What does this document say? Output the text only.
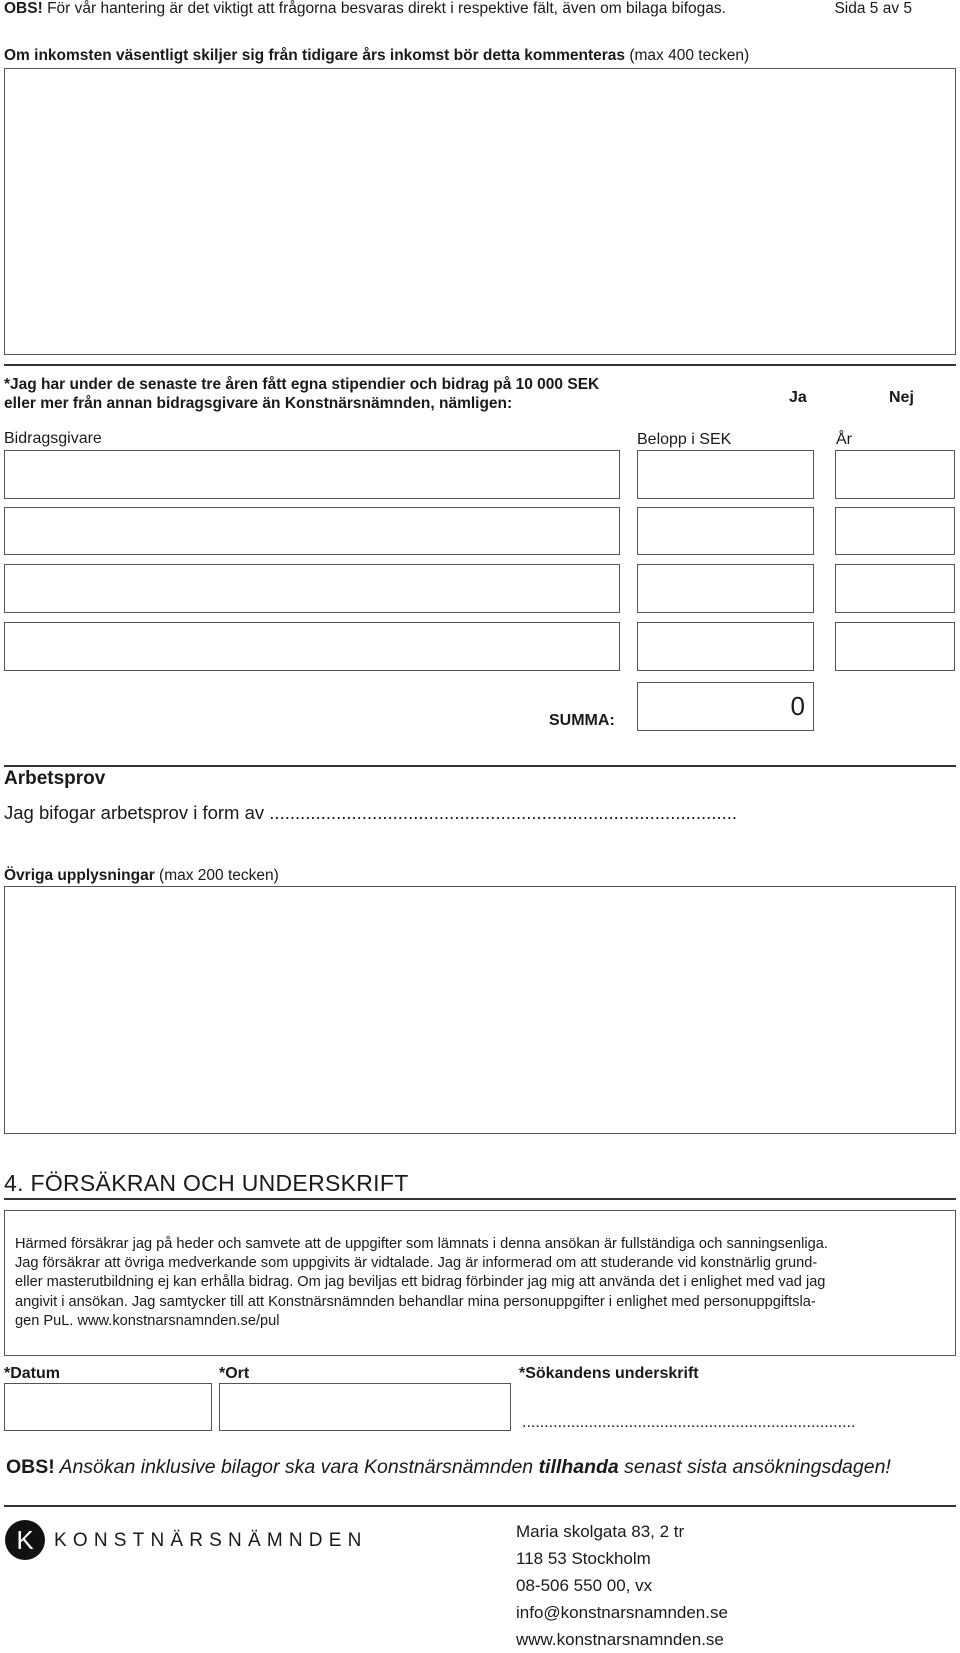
OBS! För vår hantering är det viktigt att frågorna besvaras direkt i respektive fält, även om bilaga bifogas.	Sida 5 av 5
Om inkomsten väsentligt skiljer sig från tidigare års inkomst bör detta kommenteras (max 400 tecken)
*Jag har under de senaste tre åren fått egna stipendier och bidrag på 10 000 SEK
eller mer från annan bidragsgivare än Konstnärsnämnden, nämligen:	Ja	Nej
Bidragsgivare	Belopp i SEK	År
SUMMA:	0
Arbetsprov
Jag bifogar arbetsprov i form av ...........................................................................................
Övriga upplysningar (max 200 tecken)
4. FÖRSÄKRAN OCH UNDERSKRIFT

Härmed försäkrar jag på heder och samvete att de uppgifter som lämnats i denna ansökan är fullständiga och sanningsenliga.

Jag försäkrar att övriga medverkande som uppgivits är vidtalade. Jag är informerad om att studerande vid konstnärlig grund-

eller masterutbildning ej kan erhålla bidrag. Om jag beviljas ett bidrag förbinder jag mig att använda det i enlighet med vad jag

angivit i ansökan. Jag samtycker till att Konstnärsnämnden behandlar mina personuppgifter i enlighet med personuppgiftsla-

gen PuL. www.konstnarsnamnden.se/pul

*Datum	*Ort	*Sökandens underskrift
...........................................................................
OBS! Ansökan inklusive bilagor ska vara Konstnärsnämnden tillhanda senast sista ansökningsdagen!
K	KONSTNÄRSNÄMNDEN	Maria skolgata 83, 2 tr
118 53 Stockholm
08-506 550 00, vx
info@konstnarsnamnden.se
www.konstnarsnamnden.se
